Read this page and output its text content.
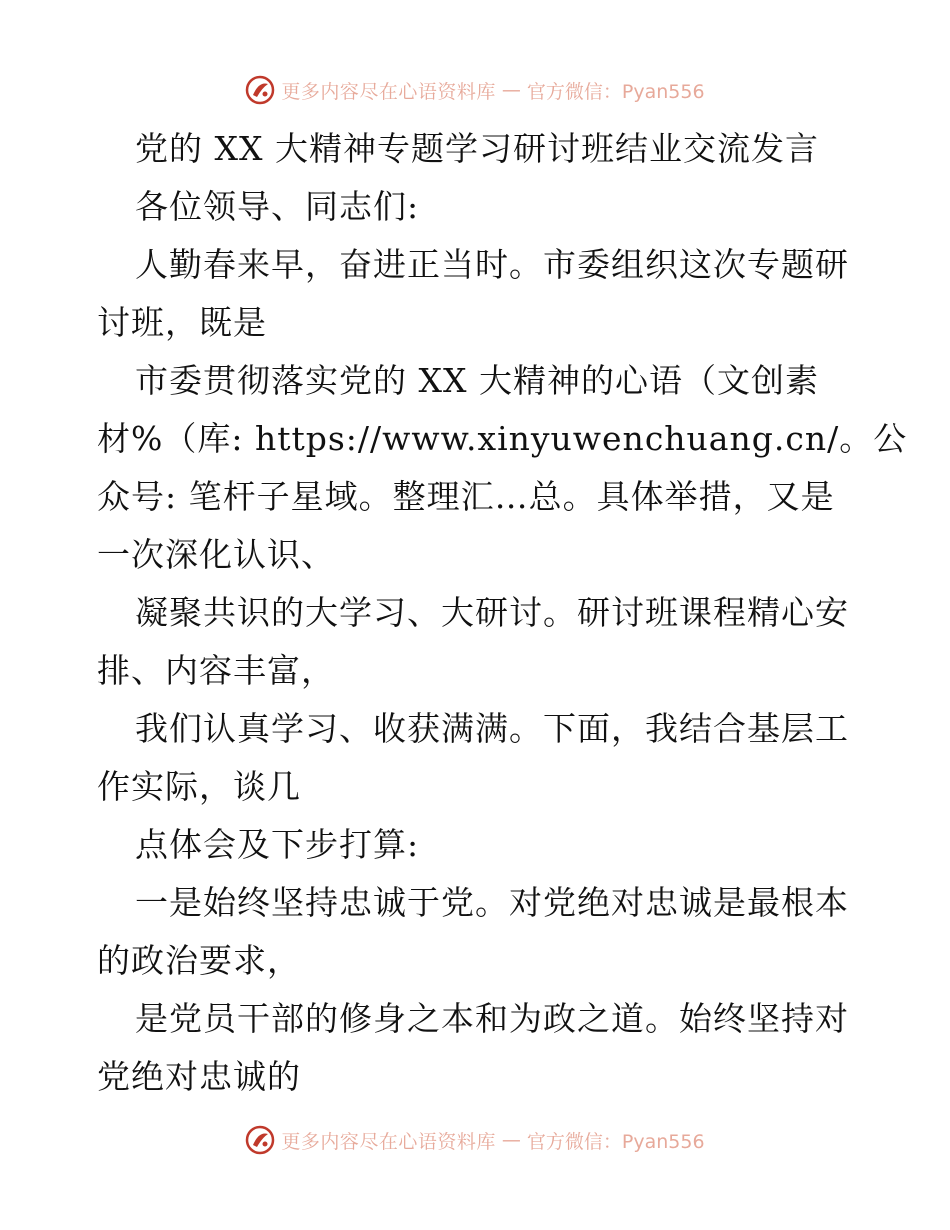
更多内容尽在心语资料库 — 官方微信：Pyan556
党的 XX 大精神专题学习研讨班结业交流发言
各位领导、同志们:
人勤春来早，奋进正当时。市委组织这次专题研
讨班，既是
市委贯彻落实党的 XX 大精神的心语（文创素
材%（库: https://www.xinyuwenchuang.cn/。公
众号: 笔杆子星域。整理汇…总。具体举措，又是
一次深化认识、
凝聚共识的大学习、大研讨。研讨班课程精心安
排、内容丰富，
我们认真学习、收获满满。下面，我结合基层工
作实际，谈几
点体会及下步打算:
一是始终坚持忠诚于党。对党绝对忠诚是最根本
的政治要求，
是党员干部的修身之本和为政之道。始终坚持对
党绝对忠诚的
更多内容尽在心语资料库 — 官方微信：Pyan556
